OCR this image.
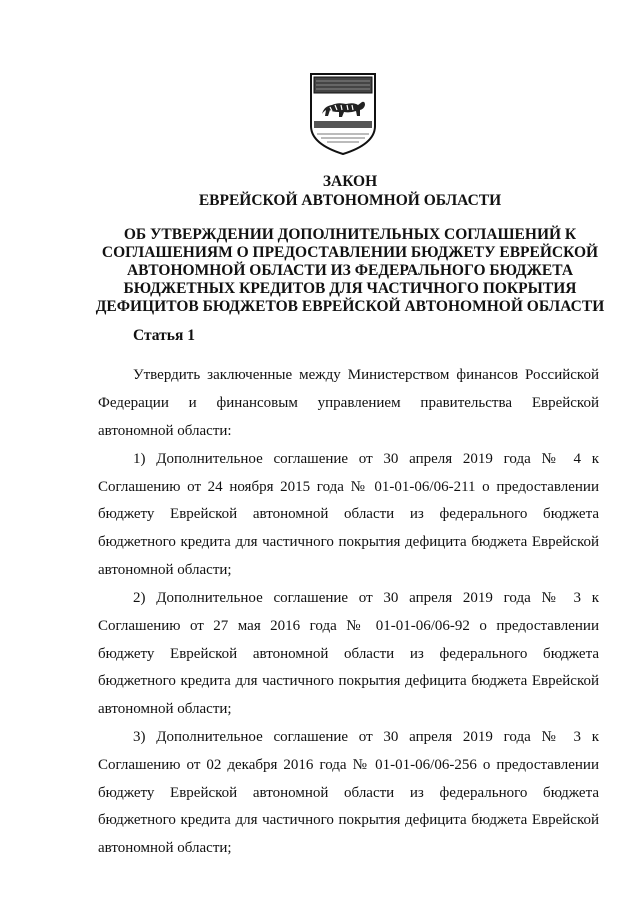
ЗАКОН
ЕВРЕЙСКОЙ АВТОНОМНОЙ ОБЛАСТИ
ОБ УТВЕРЖДЕНИИ ДОПОЛНИТЕЛЬНЫХ СОГЛАШЕНИЙ К
СОГЛАШЕНИЯМ О ПРЕДОСТАВЛЕНИИ БЮДЖЕТУ ЕВРЕЙСКОЙ
АВТОНОМНОЙ ОБЛАСТИ ИЗ ФЕДЕРАЛЬНОГО БЮДЖЕТА
БЮДЖЕТНЫХ КРЕДИТОВ ДЛЯ ЧАСТИЧНОГО ПОКРЫТИЯ
ДЕФИЦИТОВ БЮДЖЕТОВ ЕВРЕЙСКОЙ АВТОНОМНОЙ ОБЛАСТИ
Статья 1
Утвердить заключенные между Министерством финансов Российской
Федерации и финансовым управлением правительства Еврейской
автономной области:
1) Дополнительное соглашение от 30 апреля 2019 года № 4 к
Соглашению от 24 ноября 2015 года № 01-01-06/06-211 о предоставлении
бюджету Еврейской автономной области из федерального бюджета
бюджетного кредита для частичного покрытия дефицита бюджета Еврейской
автономной области;
2) Дополнительное соглашение от 30 апреля 2019 года № 3 к
Соглашению от 27 мая 2016 года № 01-01-06/06-92 о предоставлении
бюджету Еврейской автономной области из федерального бюджета
бюджетного кредита для частичного покрытия дефицита бюджета Еврейской
автономной области;
3) Дополнительное соглашение от 30 апреля 2019 года № 3 к
Соглашению от 02 декабря 2016 года № 01-01-06/06-256 о предоставлении
бюджету Еврейской автономной области из федерального бюджета
бюджетного кредита для частичного покрытия дефицита бюджета Еврейской
автономной области;
